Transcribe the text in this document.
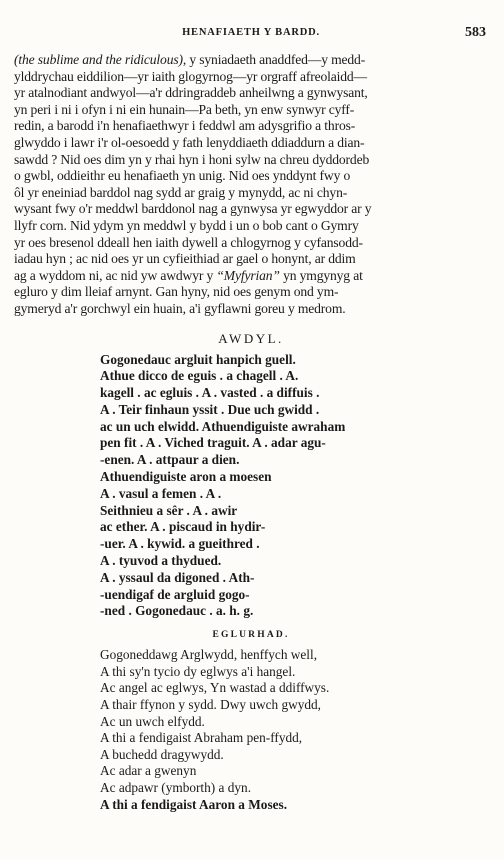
HENAFIAETH Y BARDD.	583
(the sublime and the ridiculous), y syniadaeth anaddfed—y medd-
ylddrychau eiddilion—yr iaith glogyrnog—yr orgraff afreolaidd—
yr atalnodiant andwyol—a'r ddringraddeb anheilwng a gynwysant,
yn peri i ni i ofyn i ni ein hunain—Pa beth, yn enw synwyr cyff-
redin, a barodd i'n henafiaethwyr i feddwl am adysgrifio a thros-
glwyddo i lawr i'r ol-oesoedd y fath lenyddiaeth ddiaddurn a dian-
sawdd ? Nid oes dim yn y rhai hyn i honi sylw na chreu dyddordeb
o gwbl, oddieithr eu henafiaeth yn unig. Nid oes ynddynt fwy o
ôl yr eneiniad barddol nag sydd ar graig y mynydd, ac ni chyn-
wysant fwy o'r meddwl barddonol nag a gynwysa yr egwyddor ar y
llyfr corn. Nid ydym yn meddwl y bydd i un o bob cant o Gymry
yr oes bresenol ddeall hen iaith dywell a chlogyrnog y cyfansodd-
iadau hyn ; ac nid oes yr un cyfieithiad ar gael o honynt, ar ddim
ag a wyddom ni, ac nid yw awdwyr y “Myfyrian” yn ymgynyg at
egluro y dim lleiaf arnynt. Gan hyny, nid oes genym ond ym-
gymeryd a'r gorchwyl ein huain, a'i gyflawni goreu y medrom.
AWDYL.
Gogonedauc argluit hanpich guell.
Athue dicco de eguis . a chagell . A.
kagell . ac egluis . A . vasted . a diffuis .
A . Teir finhaun yssit . Due uch gwidd .
ac un uch elwidd. Athuendiguiste awraham
pen fit . A . Viched traguit. A . adar agu-
-enen. A . attpaur a dien.
Athuendiguiste aron a moesen
A . vasul a femen . A .
Seithnieu a sêr . A . awir
ac ether. A . piscaud in hydir-
-uer. A . kywid. a gueithred .
A . tyuvod a thydued.
A . yssaul da digoned . Ath-
-uendigaf de argluid gogo-
-ned . Gogonedauc . a. h. g.
EGLURHAD.
Gogoneddawg Arglwydd, henffych well,
A thi sy'n tycio dy eglwys a'i hangel.
Ac angel ac eglwys, Yn wastad a ddiffwys.
A thair ffynon y sydd. Dwy uwch gwydd,
Ac un uwch elfydd.
A thi a fendigaist Abraham pen-ffydd,
A buchedd dragywydd.
Ac adar a gwenyn
Ac adpawr (ymborth) a dyn.
A thi a fendigaist Aaron a Moses.
